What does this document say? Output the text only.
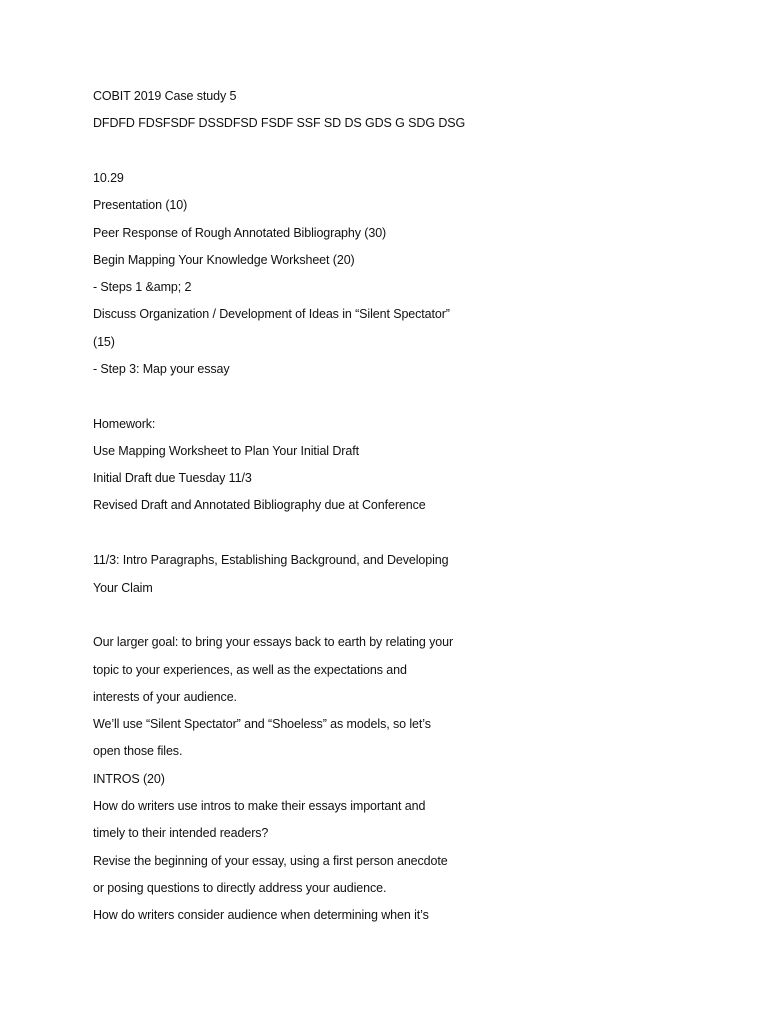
COBIT 2019 Case study 5

DFDFD FDSFSDF DSSDFSD FSDF SSF SD DS GDS G SDG DSG

10.29

Presentation (10)

Peer Response of Rough Annotated Bibliography (30)

Begin Mapping Your Knowledge Worksheet (20)

- Steps 1 &amp; 2

Discuss Organization / Development of Ideas in “Silent Spectator”

(15)

- Step 3: Map your essay

Homework:

Use Mapping Worksheet to Plan Your Initial Draft

Initial Draft due Tuesday 11/3

Revised Draft and Annotated Bibliography due at Conference

11/3: Intro Paragraphs, Establishing Background, and Developing

Your Claim

Our larger goal: to bring your essays back to earth by relating your

topic to your experiences, as well as the expectations and

interests of your audience.

We’ll use “Silent Spectator” and “Shoeless” as models, so let’s

open those files.

INTROS (20)

How do writers use intros to make their essays important and

timely to their intended readers?

Revise the beginning of your essay, using a first person anecdote

or posing questions to directly address your audience.

How do writers consider audience when determining when it’s
